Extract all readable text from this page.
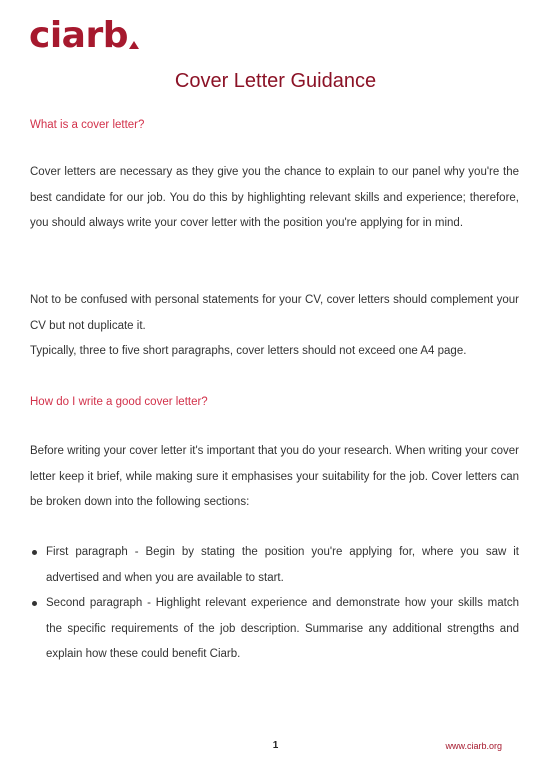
ciarb
Cover Letter Guidance
What is a cover letter?

Cover letters are necessary as they give you the chance to explain to our panel why you're the best candidate for our job. You do this by highlighting relevant skills and experience; therefore, you should always write your cover letter with the position you're applying for in mind.

Not to be confused with personal statements for your CV, cover letters should complement your CV but not duplicate it.

Typically, three to five short paragraphs, cover letters should not exceed one A4 page.

How do I write a good cover letter?

Before writing your cover letter it's important that you do your research. When writing your cover letter keep it brief, while making sure it emphasises your suitability for the job. Cover letters can be broken down into the following sections:

First paragraph - Begin by stating the position you're applying for, where you saw it advertised and when you are available to start.
Second paragraph - Highlight relevant experience and demonstrate how your skills match the specific requirements of the job description. Summarise any additional strengths and explain how these could benefit Ciarb.
1	www.ciarb.org
